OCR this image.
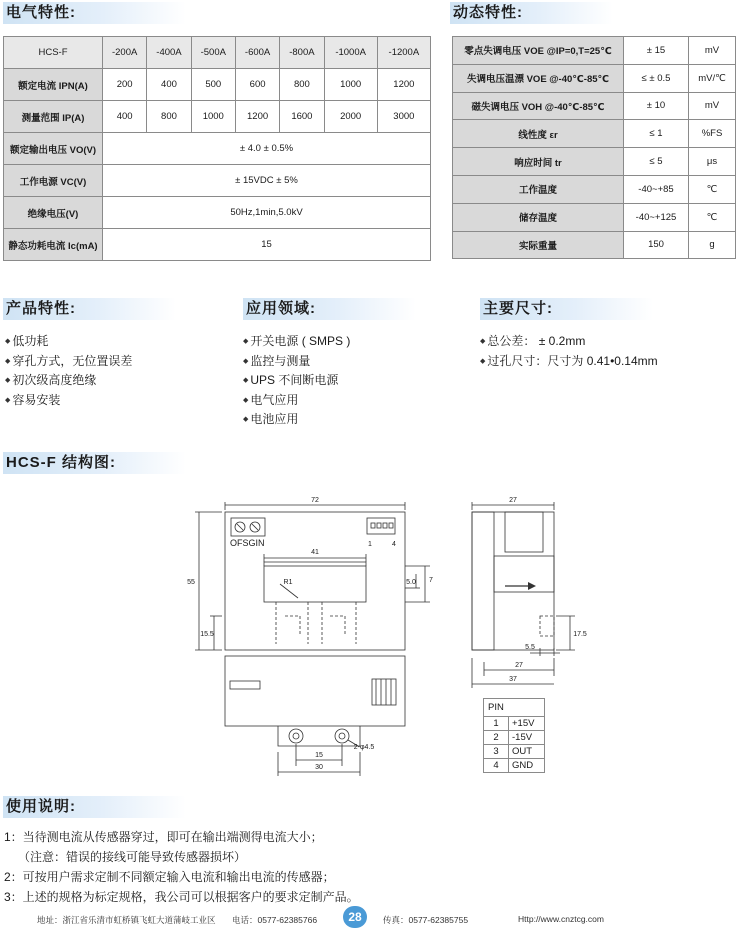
电气特性:	动态特性:
HCS-F	-200A	-400A	-500A	-600A	-800A	-1000A	-1200A
额定电流 IPN(A)	200	400	500	600	800	1000	1200
测量范围 IP(A)	400	800	1000	1200	1600	2000	3000
额定输出电压 VO(V)	± 4.0 ± 0.5%						
工作电源 VC(V)	± 15VDC ± 5%						
绝缘电压(V)	50Hz,1min,5.0kV						
静态功耗电流 Ic(mA)	15						
零点失调电压 VOE @IP=0,T=25℃	± 15	mV
失调电压温漂 VOE @-40℃-85℃	≤ ± 0.5	mV/℃
磁失调电压 VOH @-40℃-85℃	± 10	mV
线性度 εr	≤ 1	%FS
响应时间 tr	≤ 5	μs
工作温度	-40~+85	℃
储存温度	-40~+125	℃
实际重量	150	g
产品特性:	应用领域:	主要尺寸:
◆ 低功耗
◆ 穿孔方式，无位置误差
◆ 初次级高度绝缘
◆ 容易安装
◆ 开关电源 ( SMPS )
◆ 监控与测量
◆ UPS 不间断电源
◆ 电气应用
◆ 电池应用
◆ 总公差： ± 0.2mm
◆ 过孔尺寸：尺寸为 0.41•0.14mm
HCS-F 结构图:
72
55
41
R1	7
5.0
15.5
27
17.5
5.5
27
37
2-φ4.5
15
30
OFSGIN	1	4
PIN	
1	+15V
2	-15V
3	OUT
4	GND
使用说明:
1：当待测电流从传感器穿过，即可在输出端测得电流大小；
（注意：错误的接线可能导致传感器损坏）
2：可按用户需求定制不同额定输入电流和输出电流的传感器；
3：上述的规格为标定规格，我公司可以根据客户的要求定制产品。
地址：浙江省乐清市虹桥镇飞虹大道蒲岐工业区 电话：0577-62385766	28	传真：0577-62385755	Http://www.cnztcg.com
